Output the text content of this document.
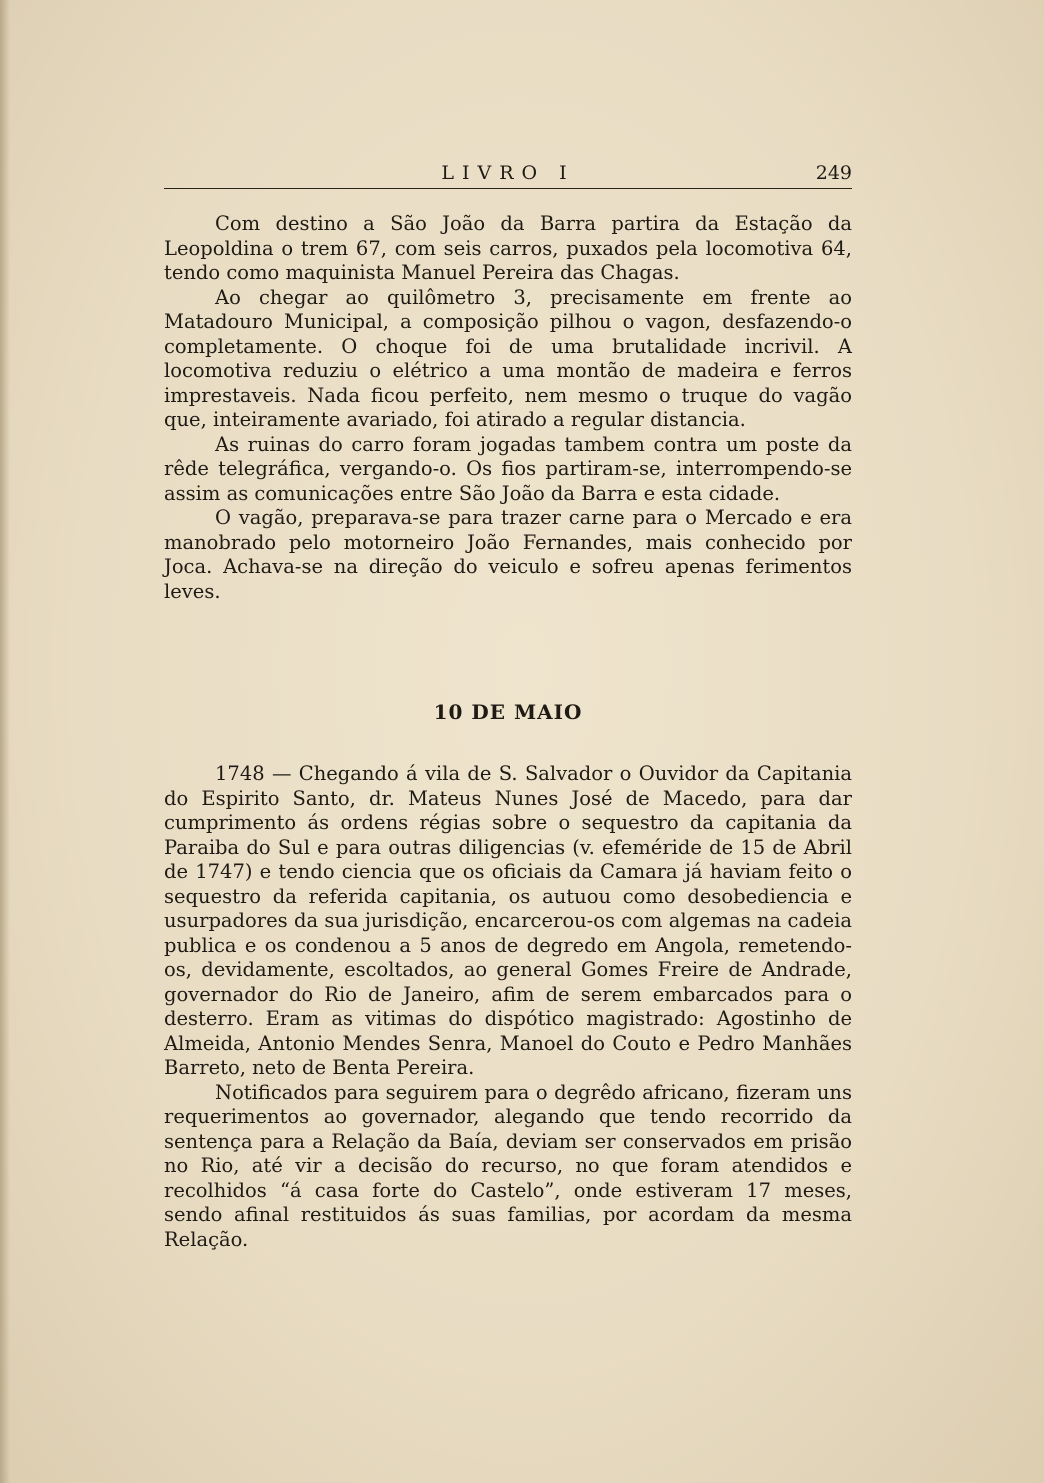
LIVRO I	249

Com destino a São João da Barra partira da Estação da Leopoldina o trem 67, com seis carros, puxados pela locomotiva 64, tendo como maquinista Manuel Pereira das Chagas.

Ao chegar ao quilômetro 3, precisamente em frente ao Matadouro Municipal, a composição pilhou o vagon, desfazendo-o completamente. O choque foi de uma brutalidade incrivil. A locomotiva reduziu o elétrico a uma montão de madeira e ferros imprestaveis. Nada ficou perfeito, nem mesmo o truque do vagão que, inteiramente avariado, foi atirado a regular distancia.

As ruinas do carro foram jogadas tambem contra um poste da rêde telegráfica, vergando-o. Os fios partiram-se, interrompendo-se assim as comunicações entre São João da Barra e esta cidade.

O vagão, preparava-se para trazer carne para o Mercado e era manobrado pelo motorneiro João Fernandes, mais conhecido por Joca. Achava-se na direção do veiculo e sofreu apenas ferimentos leves.

10 DE MAIO

1748 — Chegando á vila de S. Salvador o Ouvidor da Capitania do Espirito Santo, dr. Mateus Nunes José de Macedo, para dar cumprimento ás ordens régias sobre o sequestro da capitania da Paraiba do Sul e para outras diligencias (v. efeméride de 15 de Abril de 1747) e tendo ciencia que os oficiais da Camara já haviam feito o sequestro da referida capitania, os autuou como desobediencia e usurpadores da sua jurisdição, encarcerou-os com algemas na cadeia publica e os condenou a 5 anos de degredo em Angola, remetendo-os, devidamente, escoltados, ao general Gomes Freire de Andrade, governador do Rio de Janeiro, afim de serem embarcados para o desterro. Eram as vitimas do dispótico magistrado: Agostinho de Almeida, Antonio Mendes Senra, Manoel do Couto e Pedro Manhães Barreto, neto de Benta Pereira.

Notificados para seguirem para o degrêdo africano, fizeram uns requerimentos ao governador, alegando que tendo recorrido da sentença para a Relação da Baía, deviam ser conservados em prisão no Rio, até vir a decisão do recurso, no que foram atendidos e recolhidos “á casa forte do Castelo”, onde estiveram 17 meses, sendo afinal restituidos ás suas familias, por acordam da mesma Relação.
